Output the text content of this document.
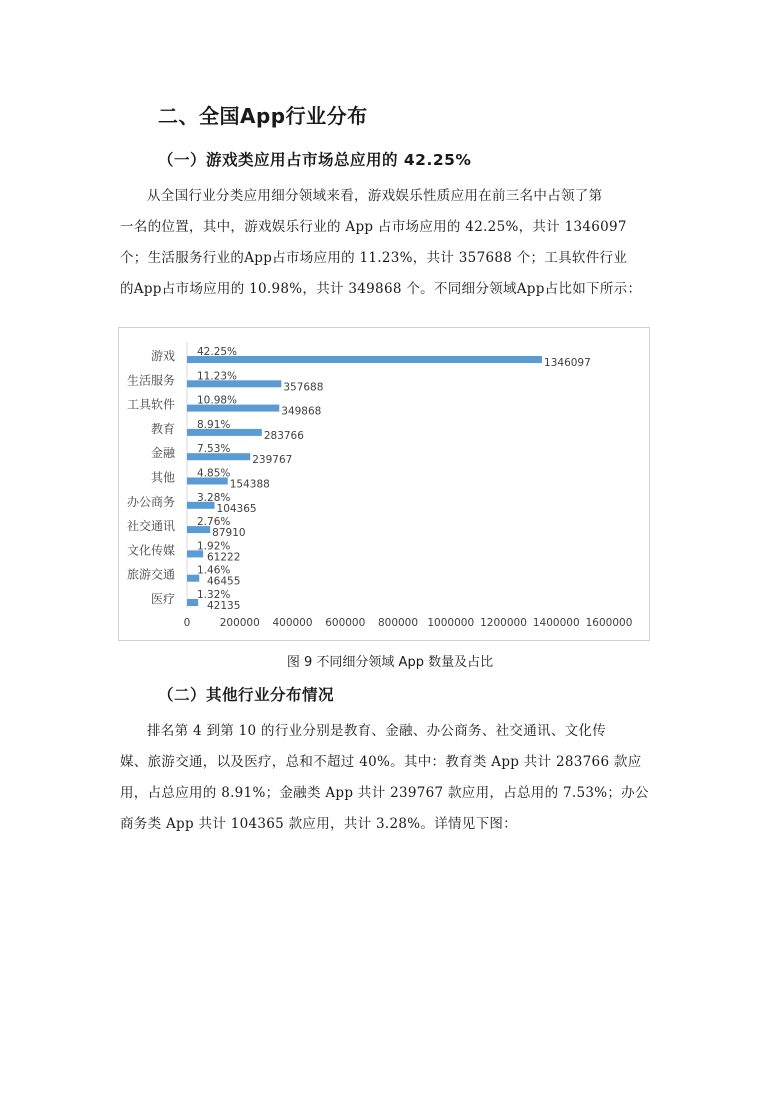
二、全国App行业分布
（一）游戏类应用占市场总应用的 42.25%

从全国行业分类应用细分领域来看，游戏娱乐性质应用在前三名中占领了第

一名的位置，其中，游戏娱乐行业的 App 占市场应用的 42.25%，共计 1346097

个；生活服务行业的App占市场应用的 11.23%，共计 357688 个；工具软件行业

的App占市场应用的 10.98%，共计 349868 个。不同细分领域App占比如下所示：

游戏 42.25%
1346097
生活服务 11.23%
357688
工具软件 10.98%
349868
教育 8.91%
283766
金融 7.53%
239767
其他 4.85%
154388
办公商务 3.28%
104365
社交通讯 2.76%
87910
文化传媒 1.92%
61222
旅游交通 1.46%
46455
医疗 1.32%
42135
0	200000 400000 600000 800000 1000000 1200000 1400000 1600000
图 9 不同细分领域 App 数量及占比
（二）其他行业分布情况

排名第 4 到第 10 的行业分别是教育、金融、办公商务、社交通讯、文化传

媒、旅游交通，以及医疗，总和不超过 40%。其中：教育类 App 共计 283766 款应

用，占总应用的 8.91%；金融类 App 共计 239767 款应用，占总用的 7.53%；办公

商务类 App 共计 104365 款应用，共计 3.28%。详情见下图：
